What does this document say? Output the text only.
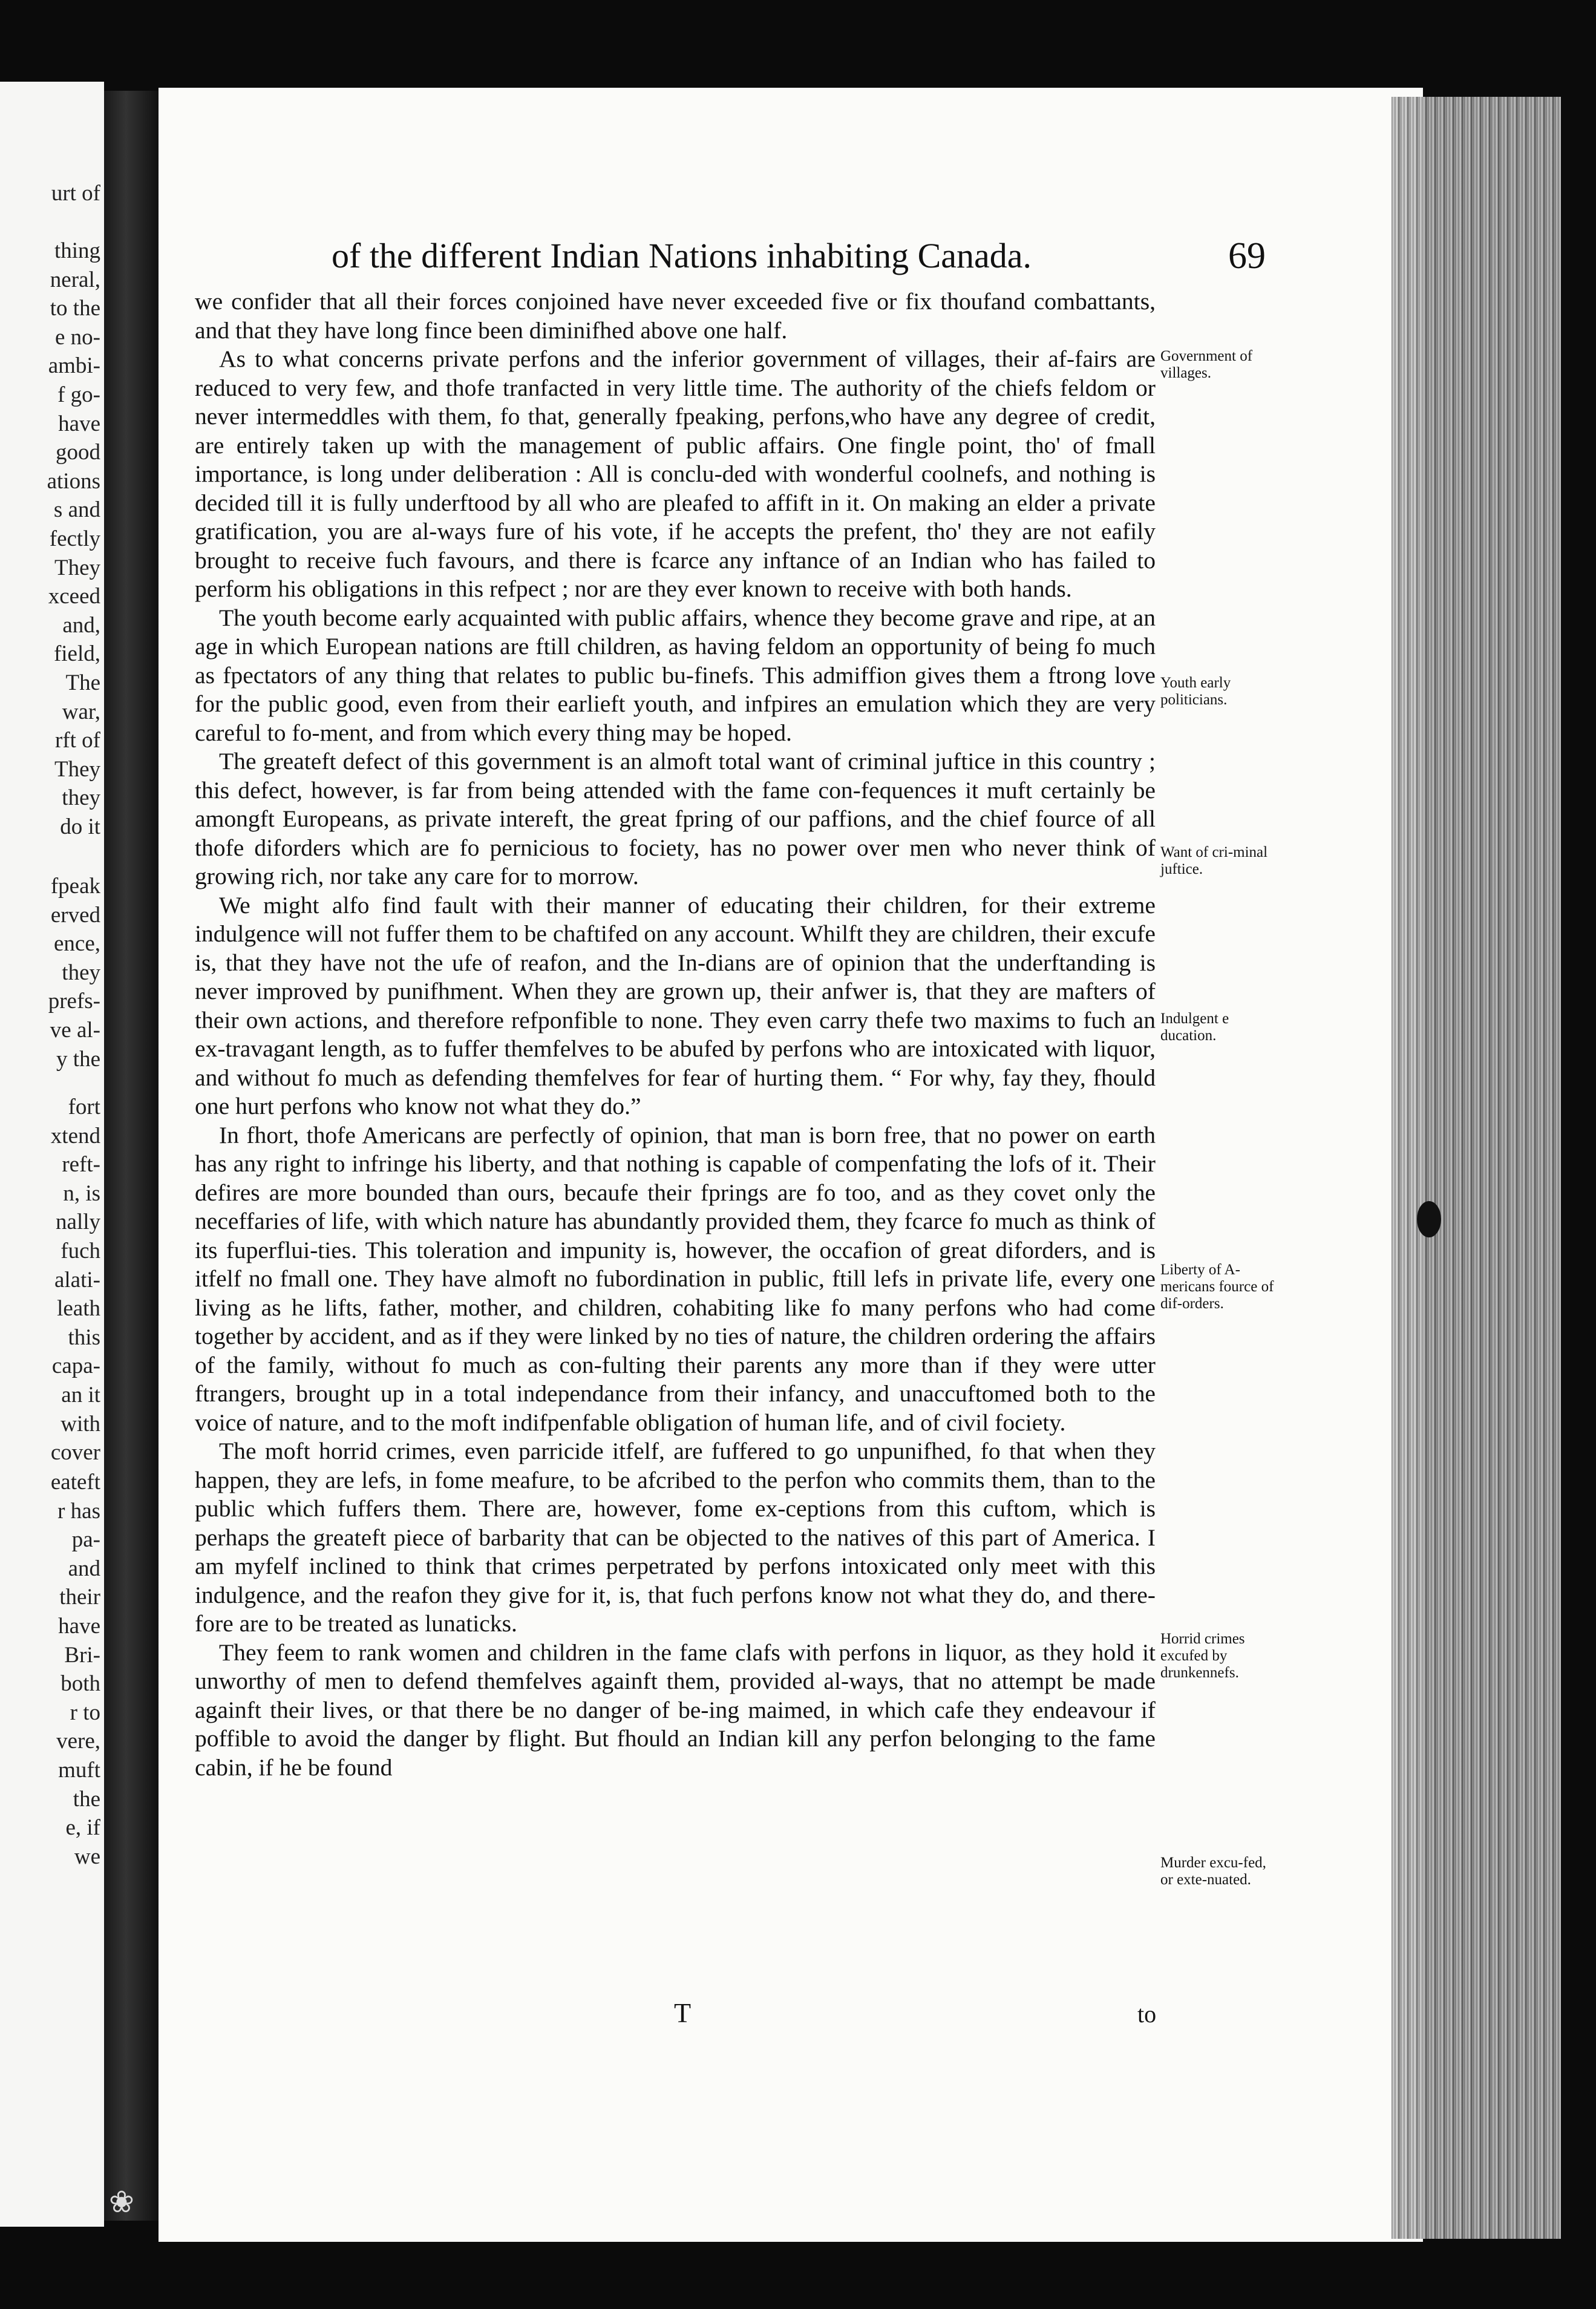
urt of
thing
neral,
to the
e no-
ambi-
f go-
have
good
ations
s and
fectly
They
xceed
and,
field,
The
war,
rft of
They
they
do it
fpeak
erved
ence,
they
prefs-
ve al-
y the
fort
xtend
reft-
n, is
nally
fuch
alati-
leath
this
capa-
an it
with
cover
eateft
r has
pa-
and
their
have
Bri-
both
r to
vere,
muft
the
e, if
we
❀
of the different Indian Nations inhabiting Canada.	69

we confider that all their forces conjoined have never exceeded five or fix thoufand combattants, and that they have long fince been diminifhed above one half.

As to what concerns private perfons and the inferior government of villages, their af-fairs are reduced to very few, and thofe tranfacted in very little time. The authority of the chiefs feldom or never intermeddles with them, fo that, generally fpeaking, perfons,who have any degree of credit, are entirely taken up with the management of public affairs. One fingle point, tho' of fmall importance, is long under deliberation : All is conclu-ded with wonderful coolnefs, and nothing is decided till it is fully underftood by all who are pleafed to affift in it. On making an elder a private gratification, you are al-ways fure of his vote, if he accepts the prefent, tho' they are not eafily brought to receive fuch favours, and there is fcarce any inftance of an Indian who has failed to perform his obligations in this refpect ; nor are they ever known to receive with both hands.

The youth become early acquainted with public affairs, whence they become grave and ripe, at an age in which European nations are ftill children, as having feldom an opportunity of being fo much as fpectators of any thing that relates to public bu-finefs. This admiffion gives them a ftrong love for the public good, even from their earlieft youth, and infpires an emulation which they are very careful to fo-ment, and from which every thing may be hoped.

The greateft defect of this government is an almoft total want of criminal juftice in this country ; this defect, however, is far from being attended with the fame con-fequences it muft certainly be amongft Europeans, as private intereft, the great fpring of our paffions, and the chief fource of all thofe diforders which are fo pernicious to fociety, has no power over men who never think of growing rich, nor take any care for to morrow.

We might alfo find fault with their manner of educating their children, for their extreme indulgence will not fuffer them to be chaftifed on any account. Whilft they are children, their excufe is, that they have not the ufe of reafon, and the In-dians are of opinion that the underftanding is never improved by punifhment. When they are grown up, their anfwer is, that they are mafters of their own actions, and therefore refponfible to none. They even carry thefe two maxims to fuch an ex-travagant length, as to fuffer themfelves to be abufed by perfons who are intoxicated with liquor, and without fo much as defending themfelves for fear of hurting them. “ For why, fay they, fhould one hurt perfons who know not what they do.”

In fhort, thofe Americans are perfectly of opinion, that man is born free, that no power on earth has any right to infringe his liberty, and that nothing is capable of compenfating the lofs of it. Their defires are more bounded than ours, becaufe their fprings are fo too, and as they covet only the neceffaries of life, with which nature has abundantly provided them, they fcarce fo much as think of its fuperflui-ties. This toleration and impunity is, however, the occafion of great diforders, and is itfelf no fmall one. They have almoft no fubordination in public, ftill lefs in private life, every one living as he lifts, father, mother, and children, cohabiting like fo many perfons who had come together by accident, and as if they were linked by no ties of nature, the children ordering the affairs of the family, without fo much as con-fulting their parents any more than if they were utter ftrangers, brought up in a total independance from their infancy, and unaccuftomed both to the voice of nature, and to the moft indifpenfable obligation of human life, and of civil fociety.

The moft horrid crimes, even parricide itfelf, are fuffered to go unpunifhed, fo that when they happen, they are lefs, in fome meafure, to be afcribed to the perfon who commits them, than to the public which fuffers them. There are, however, fome ex-ceptions from this cuftom, which is perhaps the greateft piece of barbarity that can be objected to the natives of this part of America. I am myfelf inclined to think that crimes perpetrated by perfons intoxicated only meet with this indulgence, and the reafon they give for it, is, that fuch perfons know not what they do, and there-fore are to be treated as lunaticks.

They feem to rank women and children in the fame clafs with perfons in liquor, as they hold it unworthy of men to defend themfelves againft them, provided al-ways, that no attempt be made againft their lives, or that there be no danger of be-ing maimed, in which cafe they endeavour if poffible to avoid the danger by flight. But fhould an Indian kill any perfon belonging to the fame cabin, if he be found

Government of villages.
Youth early politicians.
Want of cri-minal juftice.
Indulgent e ducation.
Liberty of A-mericans fource of dif-orders.
Horrid crimes excufed by drunkennefs.
Murder excu-fed, or exte-nuated.
T	to
